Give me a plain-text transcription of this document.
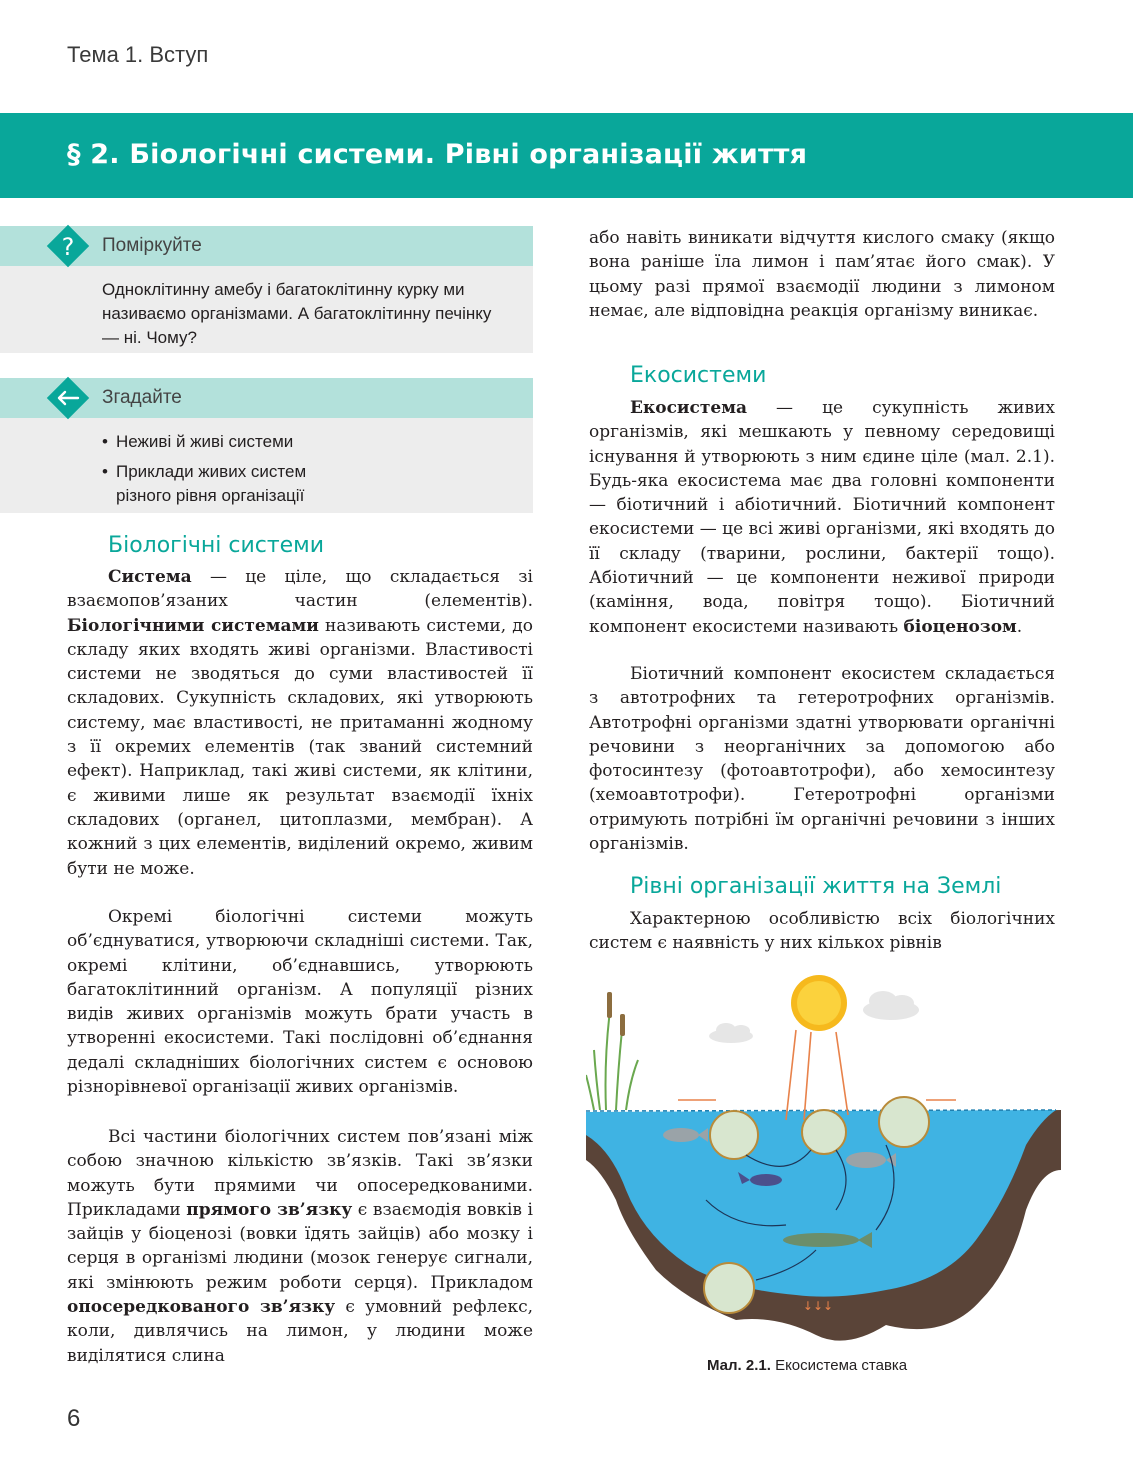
Тема 1. Вступ
§ 2. Біологічні системи. Рівні організації життя
? Поміркуйте
Одноклітинну амебу і багатоклітинну курку ми називаємо організмами. А багатоклітинну печінку — ні. Чому?
Згадайте
• Неживі й живі системи
• Приклади живих систем різного рівня організації
Біологічні системи
Система — це ціле, що складається зі взаємопов’язаних частин (елементів). Біологічними системами називають системи, до складу яких входять живі організми. Властивості системи не зводяться до суми властивостей її складових. Сукупність складових, які утворюють систему, має властивості, не притаманні жодному з її окремих елементів (так званий системний ефект). Наприклад, такі живі системи, як клітини, є живими лише як результат взаємодії їхніх складових (органел, цитоплазми, мембран). А кожний з цих елементів, виділений окремо, живим бути не може.
Окремі біологічні системи можуть об’єднуватися, утворюючи складніші системи. Так, окремі клітини, об’єднавшись, утворюють багатоклітинний організм. А популяції різних видів живих організмів можуть брати участь в утворенні екосистеми. Такі послідовні об’єднання дедалі складніших біологічних систем є основою різнорівневої організації живих організмів.
Всі частини біологічних систем пов’язані між собою значною кількістю зв’язків. Такі зв’язки можуть бути прямими чи опосередкованими. Прикладами прямого зв’язку є взаємодія вовків і зайців у біоценозі (вовки їдять зайців) або мозку і серця в організмі людини (мозок генерує сигнали, які змінюють режим роботи серця). Прикладом опосередкованого зв’язку є умовний рефлекс, коли, дивлячись на лимон, у людини може виділятися слина
або навіть виникати відчуття кислого смаку (якщо вона раніше їла лимон і пам’ятає його смак). У цьому разі прямої взаємодії людини з лимоном немає, але відповідна реакція організму виникає.
Екосистеми
Екосистема — це сукупність живих організмів, які мешкають у певному середовищі існування й утворюють з ним єдине ціле (мал. 2.1). Будь-яка екосистема має два головні компоненти — біотичний і абіотичний. Біотичний компонент екосистеми — це всі живі організми, які входять до її складу (тварини, рослини, бактерії тощо). Абіотичний — це компоненти неживої природи (каміння, вода, повітря тощо). Біотичний компонент екосистеми називають біоценозом.
Біотичний компонент екосистем складається з автотрофних та гетеротрофних організмів. Автотрофні організми здатні утворювати органічні речовини з неорганічних за допомогою або фотосинтезу (фотоавтотрофи), або хемосинтезу (хемоавтотрофи). Гетеротрофні організми отримують потрібні їм органічні речовини з інших організмів.
Рівні організації життя на Землі
Характерною особливістю всіх біологічних систем є наявність у них кількох рівнів
↓↓↓
Мал. 2.1. Екосистема ставка
6
